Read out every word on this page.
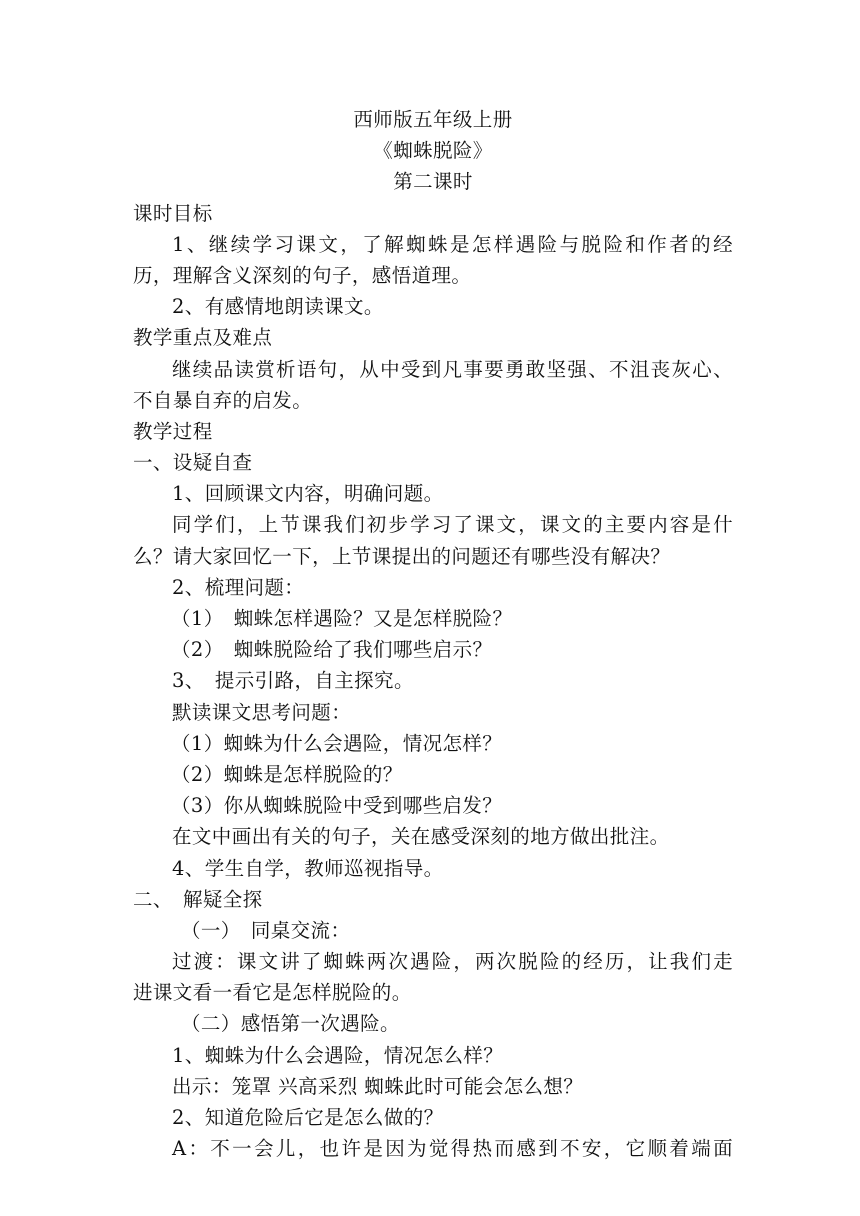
西师版五年级上册
《蜘蛛脱险》
第二课时
课时目标
1、继续学习课文，了解蜘蛛是怎样遇险与脱险和作者的经
历，理解含义深刻的句子，感悟道理。
2、有感情地朗读课文。
教学重点及难点
继续品读赏析语句，从中受到凡事要勇敢坚强、不沮丧灰心、
不自暴自弃的启发。
教学过程
一、设疑自查
1、回顾课文内容，明确问题。
同学们，上节课我们初步学习了课文，课文的主要内容是什
么？请大家回忆一下，上节课提出的问题还有哪些没有解决？
2、梳理问题：
（1）　蜘蛛怎样遇险？又是怎样脱险？
（2）　蜘蛛脱险给了我们哪些启示？
3、　提示引路，自主探究。
默读课文思考问题：
（1）蜘蛛为什么会遇险，情况怎样？
（2）蜘蛛是怎样脱险的？
（3）你从蜘蛛脱险中受到哪些启发？
在文中画出有关的句子，关在感受深刻的地方做出批注。
4、学生自学，教师巡视指导。
二、　解疑全探
（一）　同桌交流：
过渡：课文讲了蜘蛛两次遇险，两次脱险的经历，让我们走
进课文看一看它是怎样脱险的。
（二）感悟第一次遇险。
1、蜘蛛为什么会遇险，情况怎么样？
出示：笼罩 兴高采烈 蜘蛛此时可能会怎么想？
2、知道危险后它是怎么做的？
A：不一会儿，也许是因为觉得热而感到不安，它顺着端面
